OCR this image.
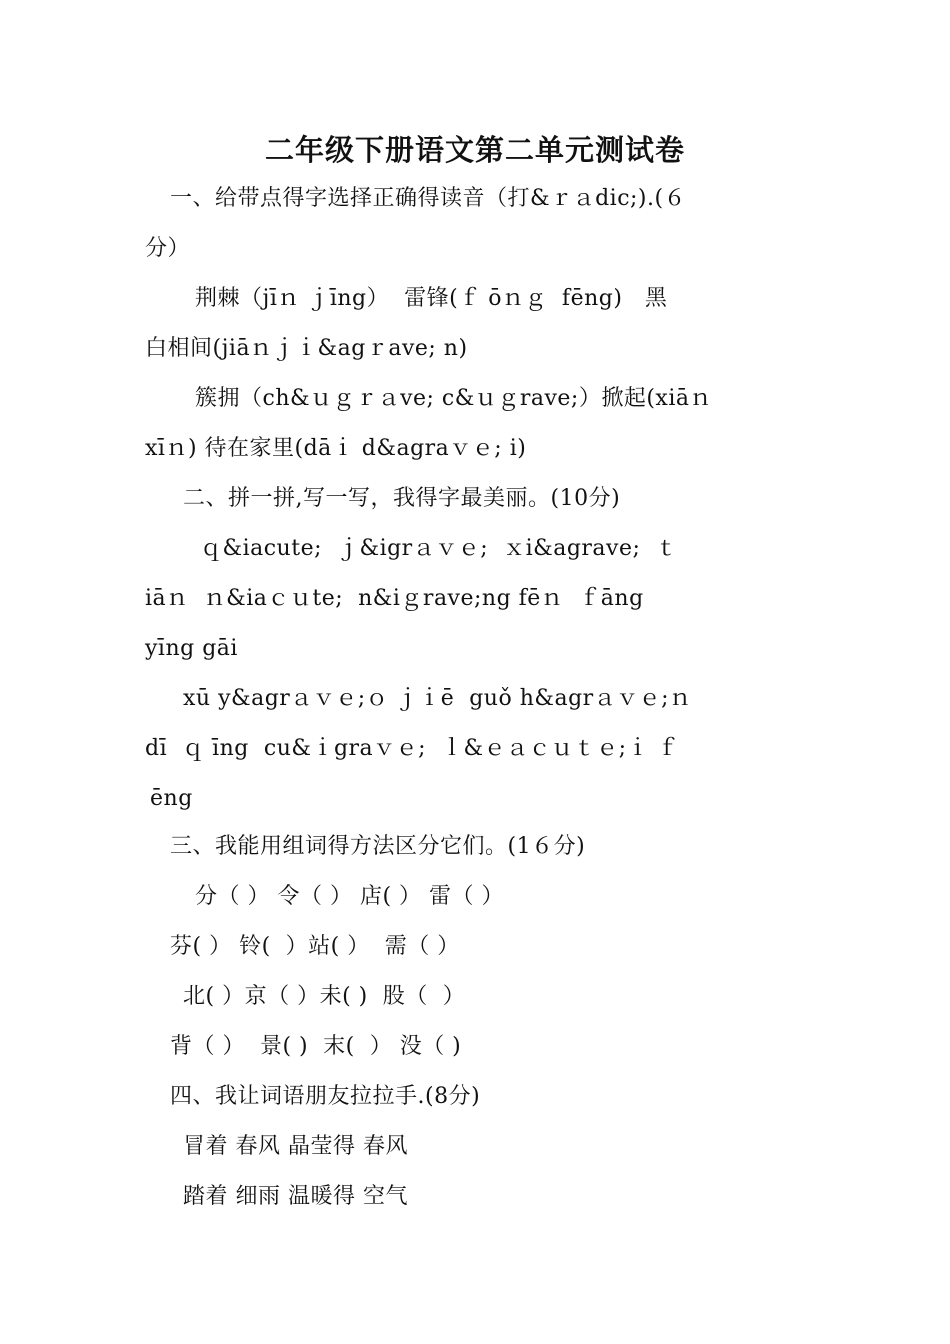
二年级下册语文第二单元测试卷
一、给带点得字选择正确得读音（打&ｒａdic;).(６
分）
荆棘（jīｎ ｊīng）  雷锋(ｆ ōｎｇ  fēng)   黑
白相间(jiāｎｊｉ&agｒave; n)
簇拥（ch&ｕｇｒａve; c&ｕｇrave;）掀起(xiāｎ
xīｎ) 待在家里(dāｉ d&agraｖｅ; i)
二、拼一拼,写一写，我得字最美丽。(10分)
ｑ&iacute;  ｊ&igrａｖｅ;  ｘi&agrave;  ｔ
iāｎ  ｎ&iaｃｕte;  n&iｇrave;ng fēｎ  ｆāng
yīng gāi
xū y&agrａｖｅ;ｏ ｊｉē  guǒ h&agrａｖｅ;ｎ
dī  ｑ īng  cu&ｉgraｖｅ;  ｌ&ｅａｃｕｔｅ;ｉ ｆ
ēng
三、我能用组词得方法区分它们。(1６分)
分（ ） 令（ ） 店( ） 雷（ ）
芬( ） 铃(  ）站( ）  需（ ）
北( ）京（ ）未( )  股（  ）
背（ ）  景( )  末(  ） 没（ )
四、我让词语朋友拉拉手.(8分)
冒着 春风 晶莹得 春风
踏着 细雨 温暖得 空气
